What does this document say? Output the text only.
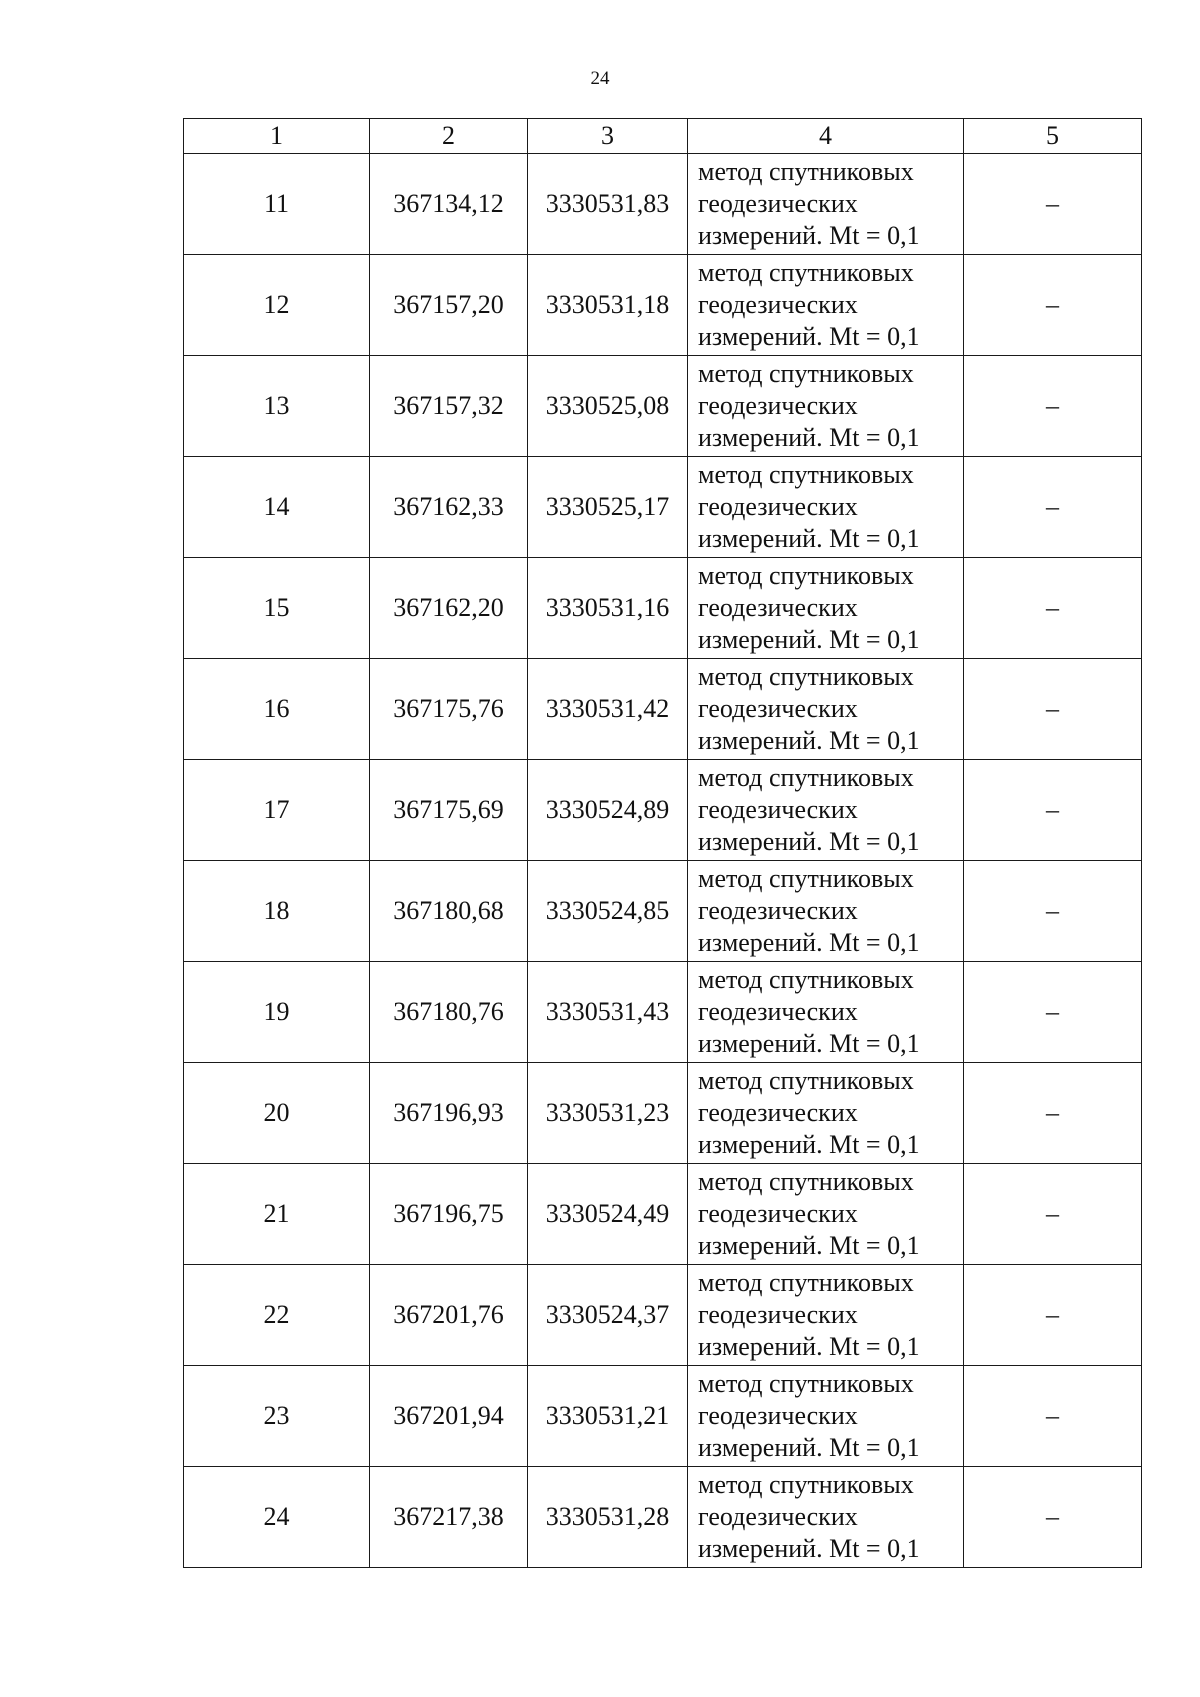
24
1	2	3	4	5
11	367134,12	3330531,83	метод спутниковых
геодезических
измерений. Mt = 0,1	–
12	367157,20	3330531,18	метод спутниковых
геодезических
измерений. Mt = 0,1	–
13	367157,32	3330525,08	метод спутниковых
геодезических
измерений. Mt = 0,1	–
14	367162,33	3330525,17	метод спутниковых
геодезических
измерений. Mt = 0,1	–
15	367162,20	3330531,16	метод спутниковых
геодезических
измерений. Mt = 0,1	–
16	367175,76	3330531,42	метод спутниковых
геодезических
измерений. Mt = 0,1	–
17	367175,69	3330524,89	метод спутниковых
геодезических
измерений. Mt = 0,1	–
18	367180,68	3330524,85	метод спутниковых
геодезических
измерений. Mt = 0,1	–
19	367180,76	3330531,43	метод спутниковых
геодезических
измерений. Mt = 0,1	–
20	367196,93	3330531,23	метод спутниковых
геодезических
измерений. Mt = 0,1	–
21	367196,75	3330524,49	метод спутниковых
геодезических
измерений. Mt = 0,1	–
22	367201,76	3330524,37	метод спутниковых
геодезических
измерений. Mt = 0,1	–
23	367201,94	3330531,21	метод спутниковых
геодезических
измерений. Mt = 0,1	–
24	367217,38	3330531,28	метод спутниковых
геодезических
измерений. Mt = 0,1	–
